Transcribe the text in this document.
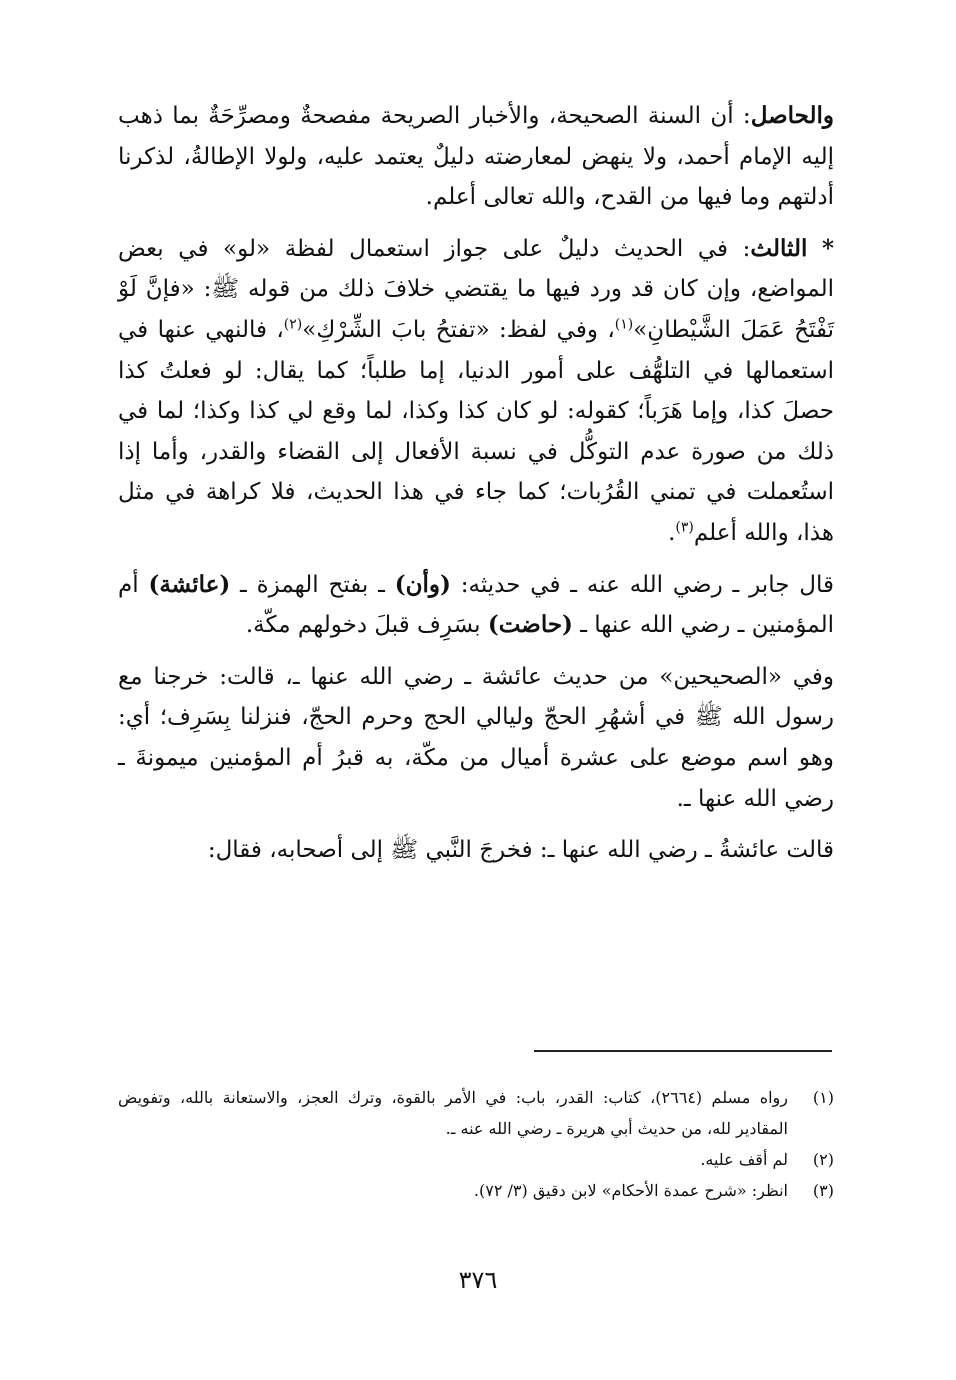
والحاصل: أن السنة الصحيحة، والأخبار الصريحة مفصحةٌ ومصرِّحَةٌ بما ذهب إليه الإمام أحمد، ولا ينهض لمعارضته دليلٌ يعتمد عليه، ولولا الإطالةُ، لذكرنا أدلتهم وما فيها من القدح، والله تعالى أعلم.

* الثالث: في الحديث دليلٌ على جواز استعمال لفظة «لو» في بعض المواضع، وإن كان قد ورد فيها ما يقتضي خلافَ ذلك من قوله ﷺ: «فإنَّ لَوْ تَفْتَحُ عَمَلَ الشَّيْطانِ»$^{(١)}$، وفي لفظ: «تفتحُ بابَ الشِّرْكِ»$^{(٢)}$، فالنهي عنها في استعمالها في التلهُّف على أمور الدنيا، إما طلباً؛ كما يقال: لو فعلتُ كذا حصلَ كذا، وإما هَرَباً؛ كقوله: لو كان كذا وكذا، لما وقع لي كذا وكذا؛ لما في ذلك من صورة عدم التوكُّل في نسبة الأفعال إلى القضاء والقدر، وأما إذا استُعملت في تمني القُرُبات؛ كما جاء في هذا الحديث، فلا كراهة في مثل هذا، والله أعلم$^{(٣)}$.

قال جابر ـ رضي الله عنه ـ في حديثه: (وأن) ـ بفتح الهمزة ـ (عائشة) أم المؤمنين ـ رضي الله عنها ـ (حاضت) بسَرِف قبلَ دخولهم مكّة.

وفي «الصحيحين» من حديث عائشة ـ رضي الله عنها ـ، قالت: خرجنا مع رسول الله ﷺ في أشهُرِ الحجّ وليالي الحج وحرم الحجّ، فنزلنا بِسَرِف؛ أي: وهو اسم موضع على عشرة أميال من مكّة، به قبرُ أم المؤمنين ميمونةَ ـ رضي الله عنها ـ.

قالت عائشةُ ـ رضي الله عنها ـ: فخرجَ النَّبي ﷺ إلى أصحابه، فقال:

(١)
رواه مسلم (٢٦٦٤)، كتاب: القدر، باب: في الأمر بالقوة، وترك العجز، والاستعانة بالله، وتفويض المقادير لله، من حديث أبي هريرة ـ رضي الله عنه ـ.
(٢)
لم أقف عليه.
(٣)
انظر: «شرح عمدة الأحكام» لابن دقيق (٣/ ٧٢).
٣٧٦
